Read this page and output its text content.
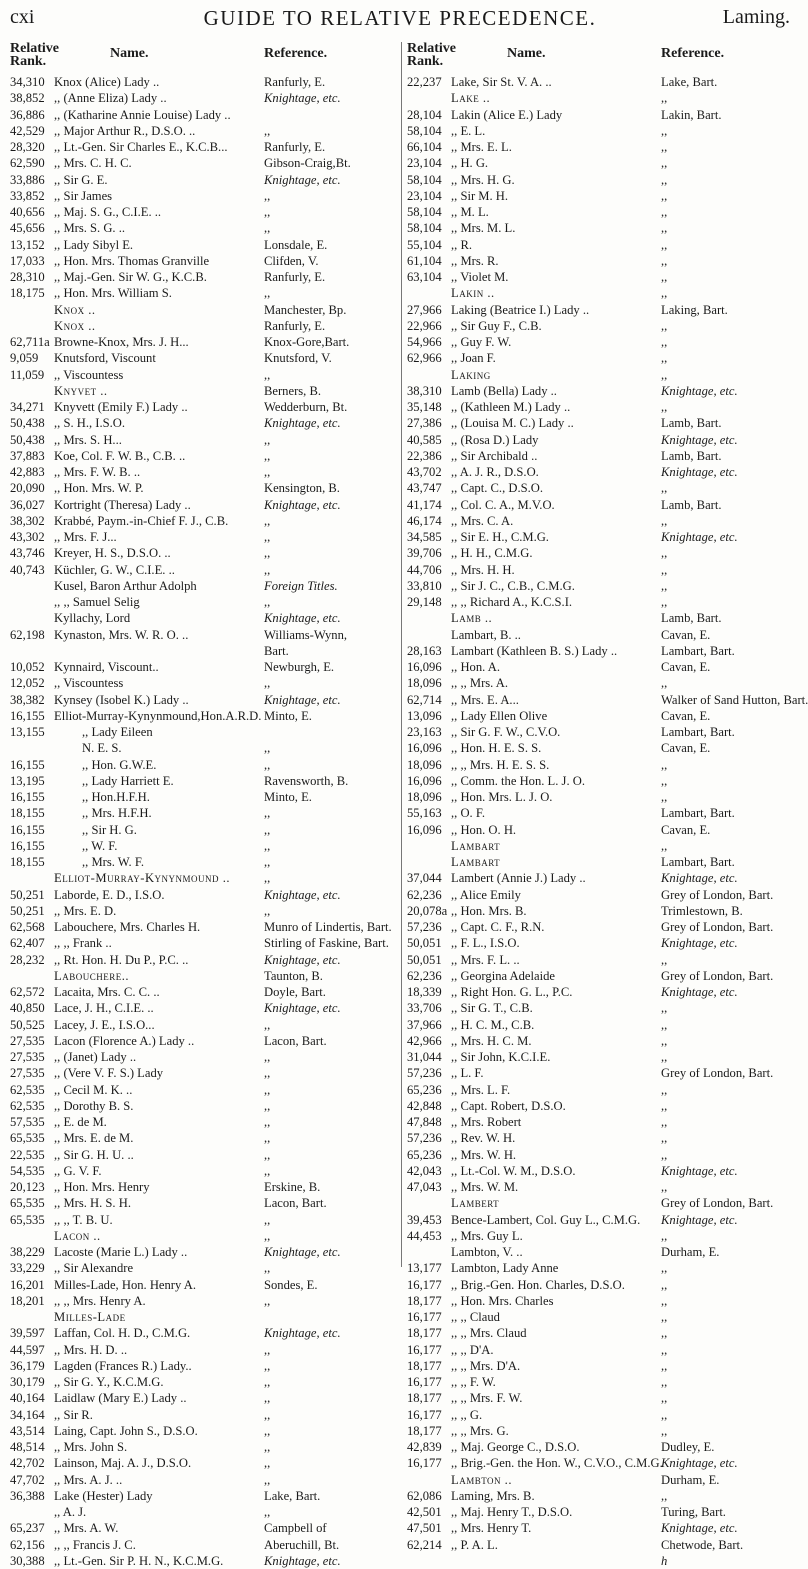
cxi	GUIDE TO RELATIVE PRECEDENCE.	Laming.
Relative
Rank.
Name.	Reference.
34,310 Knox (Alice) Lady ..	Ranfurly, E.
38,852 ,, (Anne Eliza) Lady ..	Knightage, etc.
36,886 ,, (Katharine Annie Louise) Lady ..
42,529 ,, Major Arthur R., D.S.O. ..	,,
28,320 ,, Lt.-Gen. Sir Charles E., K.C.B...	Ranfurly, E.
62,590 ,, Mrs. C. H. C.	Gibson-Craig,Bt.
33,886 ,, Sir G. E.	Knightage, etc.
33,852 ,, Sir James	,,
40,656 ,, Maj. S. G., C.I.E. ..	,,
45,656 ,, Mrs. S. G. ..	,,
13,152 ,, Lady Sibyl E.	Lonsdale, E.
17,033 ,, Hon. Mrs. Thomas Granville	Clifden, V.
28,310 ,, Maj.-Gen. Sir W. G., K.C.B.	Ranfurly, E.
18,175 ,, Hon. Mrs. William S.	,,
Knox ..	Manchester, Bp.
Knox ..	Ranfurly, E.
62,711a Browne-Knox, Mrs. J. H...	Knox-Gore,Bart.
9,059	Knutsford, Viscount	Knutsford, V.
11,059 ,, Viscountess	,,
Knyvet ..	Berners, B.
34,271 Knyvett (Emily F.) Lady ..	Wedderburn, Bt.
50,438 ,, S. H., I.S.O.	Knightage, etc.
50,438 ,, Mrs. S. H...	,,
37,883 Koe, Col. F. W. B., C.B. ..	,,
42,883 ,, Mrs. F. W. B. ..	,,
20,090 ,, Hon. Mrs. W. P.	Kensington, B.
36,027 Kortright (Theresa) Lady ..	Knightage, etc.
38,302 Krabbé, Paym.-in-Chief F. J., C.B.	,,
43,302 ,, Mrs. F. J...	,,
43,746 Kreyer, H. S., D.S.O. ..	,,
40,743 Küchler, G. W., C.I.E. ..	,,
Kusel, Baron Arthur Adolph	Foreign Titles.
,, ,, Samuel Selig	,,
Kyllachy, Lord	Knightage, etc.
62,198 Kynaston, Mrs. W. R. O. ..	Williams-Wynn,
Bart.
10,052 Kynnaird, Viscount..	Newburgh, E.
12,052 ,, Viscountess	,,
38,382 Kynsey (Isobel K.) Lady ..	Knightage, etc.
16,155 Elliot-Murray-Kynynmound,Hon.A.R.D. Minto, E.
13,155	,, Lady Eileen
N. E. S.	,,
16,155	,, Hon. G.W.E.	,,
13,195	,, Lady Harriett E.	Ravensworth, B.
16,155	,, Hon.H.F.H.	Minto, E.
18,155	,, Mrs. H.F.H.	,,
16,155	,, Sir H. G.	,,
16,155	,, W. F.	,,
18,155	,, Mrs. W. F.	,,
Elliot-Murray-Kynynmound ..	,,
50,251 Laborde, E. D., I.S.O.	Knightage, etc.
50,251 ,, Mrs. E. D.	,,
62,568 Labouchere, Mrs. Charles H.	Munro of Lindertis, Bart.
62,407 ,, ,, Frank ..	Stirling of Faskine, Bart.
28,232 ,, Rt. Hon. H. Du P., P.C. ..	Knightage, etc.
Labouchere..	Taunton, B.
62,572 Lacaita, Mrs. C. C. ..	Doyle, Bart.
40,850 Lace, J. H., C.I.E. ..	Knightage, etc.
50,525 Lacey, J. E., I.S.O...	,,
27,535 Lacon (Florence A.) Lady ..	Lacon, Bart.
27,535 ,, (Janet) Lady ..	,,
27,535 ,, (Vere V. F. S.) Lady	,,
62,535 ,, Cecil M. K. ..	,,
62,535 ,, Dorothy B. S.	,,
57,535 ,, E. de M.	,,
65,535 ,, Mrs. E. de M.	,,
22,535 ,, Sir G. H. U. ..	,,
54,535 ,, G. V. F.	,,
20,123 ,, Hon. Mrs. Henry	Erskine, B.
65,535 ,, Mrs. H. S. H.	Lacon, Bart.
65,535 ,, ,, T. B. U.	,,
Lacon ..	,,
38,229 Lacoste (Marie L.) Lady ..	Knightage, etc.
33,229 ,, Sir Alexandre	,,
16,201 Milles-Lade, Hon. Henry A.	Sondes, E.
18,201 ,, ,, Mrs. Henry A.	,,
Milles-Lade
39,597 Laffan, Col. H. D., C.M.G.	Knightage, etc.
44,597 ,, Mrs. H. D. ..	,,
36,179 Lagden (Frances R.) Lady..	,,
30,179 ,, Sir G. Y., K.C.M.G.	,,
40,164 Laidlaw (Mary E.) Lady ..	,,
34,164 ,, Sir R.	,,
43,514 Laing, Capt. John S., D.S.O.	,,
48,514 ,, Mrs. John S.	,,
42,702 Lainson, Maj. A. J., D.S.O.	,,
47,702 ,, Mrs. A. J. ..	,,
36,388 Lake (Hester) Lady	Lake, Bart.
,, A. J.	,,
65,237 ,, Mrs. A. W.	Campbell of
62,156 ,, ,, Francis J. C.	Aberuchill, Bt.
30,388 ,, Lt.-Gen. Sir P. H. N., K.C.M.G.	Knightage, etc.
Relative
Rank.
Name.	Reference.
22,237 Lake, Sir St. V. A. ..	Lake, Bart.
Lake ..	,,
28,104 Lakin (Alice E.) Lady	Lakin, Bart.
58,104 ,, E. L.	,,
66,104 ,, Mrs. E. L.	,,
23,104 ,, H. G.	,,
58,104 ,, Mrs. H. G.	,,
23,104 ,, Sir M. H.	,,
58,104 ,, M. L.	,,
58,104 ,, Mrs. M. L.	,,
55,104 ,, R.	,,
61,104 ,, Mrs. R.	,,
63,104 ,, Violet M.	,,
Lakin ..	,,
27,966 Laking (Beatrice I.) Lady ..	Laking, Bart.
22,966 ,, Sir Guy F., C.B.	,,
54,966 ,, Guy F. W.	,,
62,966 ,, Joan F.	,,
Laking	,,
38,310 Lamb (Bella) Lady ..	Knightage, etc.
35,148 ,, (Kathleen M.) Lady ..	,,
27,386 ,, (Louisa M. C.) Lady ..	Lamb, Bart.
40,585 ,, (Rosa D.) Lady	Knightage, etc.
22,386 ,, Sir Archibald ..	Lamb, Bart.
43,702 ,, A. J. R., D.S.O.	Knightage, etc.
43,747 ,, Capt. C., D.S.O.	,,
41,174 ,, Col. C. A., M.V.O.	Lamb, Bart.
46,174 ,, Mrs. C. A.	,,
34,585 ,, Sir E. H., C.M.G.	Knightage, etc.
39,706 ,, H. H., C.M.G.	,,
44,706 ,, Mrs. H. H.	,,
33,810 ,, Sir J. C., C.B., C.M.G.	,,
29,148 ,, ,, Richard A., K.C.S.I.	,,
Lamb ..	Lamb, Bart.
Lambart, B. ..	Cavan, E.
28,163 Lambart (Kathleen B. S.) Lady ..	Lambart, Bart.
16,096 ,, Hon. A.	Cavan, E.
18,096 ,, ,, Mrs. A.	,,
62,714 ,, Mrs. E. A...	Walker of Sand Hutton, Bart.
13,096 ,, Lady Ellen Olive	Cavan, E.
23,163 ,, Sir G. F. W., C.V.O.	Lambart, Bart.
16,096 ,, Hon. H. E. S. S.	Cavan, E.
18,096 ,, ,, Mrs. H. E. S. S.	,,
16,096 ,, Comm. the Hon. L. J. O.	,,
18,096 ,, Hon. Mrs. L. J. O.	,,
55,163 ,, O. F.	Lambart, Bart.
16,096 ,, Hon. O. H.	Cavan, E.
Lambart	,,
Lambart	Lambart, Bart.
37,044 Lambert (Annie J.) Lady ..	Knightage, etc.
62,236 ,, Alice Emily	Grey of London, Bart.
20,078a ,, Hon. Mrs. B.	Trimlestown, B.
57,236 ,, Capt. C. F., R.N.	Grey of London, Bart.
50,051 ,, F. L., I.S.O.	Knightage, etc.
50,051 ,, Mrs. F. L. ..	,,
62,236 ,, Georgina Adelaide	Grey of London, Bart.
18,339 ,, Right Hon. G. L., P.C.	Knightage, etc.
33,706 ,, Sir G. T., C.B.	,,
37,966 ,, H. C. M., C.B.	,,
42,966 ,, Mrs. H. C. M.	,,
31,044 ,, Sir John, K.C.I.E.	,,
57,236 ,, L. F.	Grey of London, Bart.
65,236 ,, Mrs. L. F.	,,
42,848 ,, Capt. Robert, D.S.O.	,,
47,848 ,, Mrs. Robert	,,
57,236 ,, Rev. W. H.	,,
65,236 ,, Mrs. W. H.	,,
42,043 ,, Lt.-Col. W. M., D.S.O.	Knightage, etc.
47,043 ,, Mrs. W. M.	,,
Lambert	Grey of London, Bart.
39,453 Bence-Lambert, Col. Guy L., C.M.G.	Knightage, etc.
44,453 ,, Mrs. Guy L.	,,
Lambton, V. ..	Durham, E.
13,177 Lambton, Lady Anne	,,
16,177 ,, Brig.-Gen. Hon. Charles, D.S.O.	,,
18,177 ,, Hon. Mrs. Charles	,,
16,177 ,, ,, Claud	,,
18,177 ,, ,, Mrs. Claud	,,
16,177 ,, ,, D'A.	,,
18,177 ,, ,, Mrs. D'A.	,,
16,177 ,, ,, F. W.	,,
18,177 ,, ,, Mrs. F. W.	,,
16,177 ,, ,, G.	,,
18,177 ,, ,, Mrs. G.	,,
42,839 ,, Maj. George C., D.S.O.	Dudley, E.
16,177 ,, Brig.-Gen. the Hon. W., C.V.O., C.M.G.
Knightage, etc.
Lambton ..	Durham, E.
62,086 Laming, Mrs. B.	,,
42,501 ,, Maj. Henry T., D.S.O.	Turing, Bart.
47,501 ,, Mrs. Henry T.	Knightage, etc.
62,214 ,, P. A. L.	Chetwode, Bart.
h
